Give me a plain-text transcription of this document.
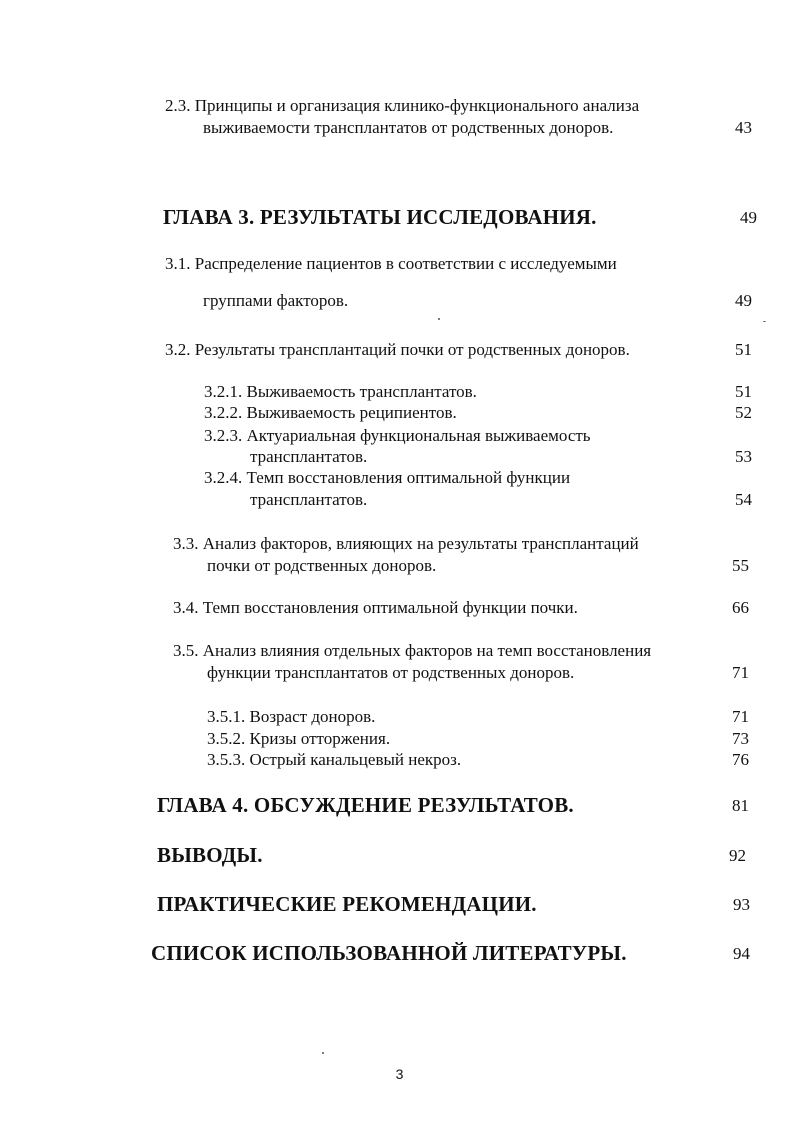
2.3. Принципы и организация клинико-функционального анализа
выживаемости трансплантатов от родственных доноров.	43
ГЛАВА 3. РЕЗУЛЬТАТЫ ИССЛЕДОВАНИЯ.	49
3.1. Распределение пациентов в соответствии с исследуемыми
группами факторов.	49
3.2. Результаты трансплантаций почки от родственных доноров.	51
3.2.1. Выживаемость трансплантатов.	51
3.2.2. Выживаемость реципиентов.	52
3.2.3. Актуариальная функциональная выживаемость
трансплантатов.	53
3.2.4. Темп восстановления оптимальной функции
трансплантатов.	54
3.3. Анализ факторов, влияющих на результаты трансплантаций
почки от родственных доноров.	55
3.4. Темп восстановления оптимальной функции почки.	66
3.5. Анализ влияния отдельных факторов на темп восстановления
функции трансплантатов от родственных доноров.	71
3.5.1. Возраст доноров.	71
3.5.2. Кризы отторжения.	73
3.5.3. Острый канальцевый некроз.	76
ГЛАВА 4. ОБСУЖДЕНИЕ РЕЗУЛЬТАТОВ.	81
ВЫВОДЫ.	92
ПРАКТИЧЕСКИЕ РЕКОМЕНДАЦИИ.	93
СПИСОК ИСПОЛЬЗОВАННОЙ ЛИТЕРАТУРЫ.	94
3
